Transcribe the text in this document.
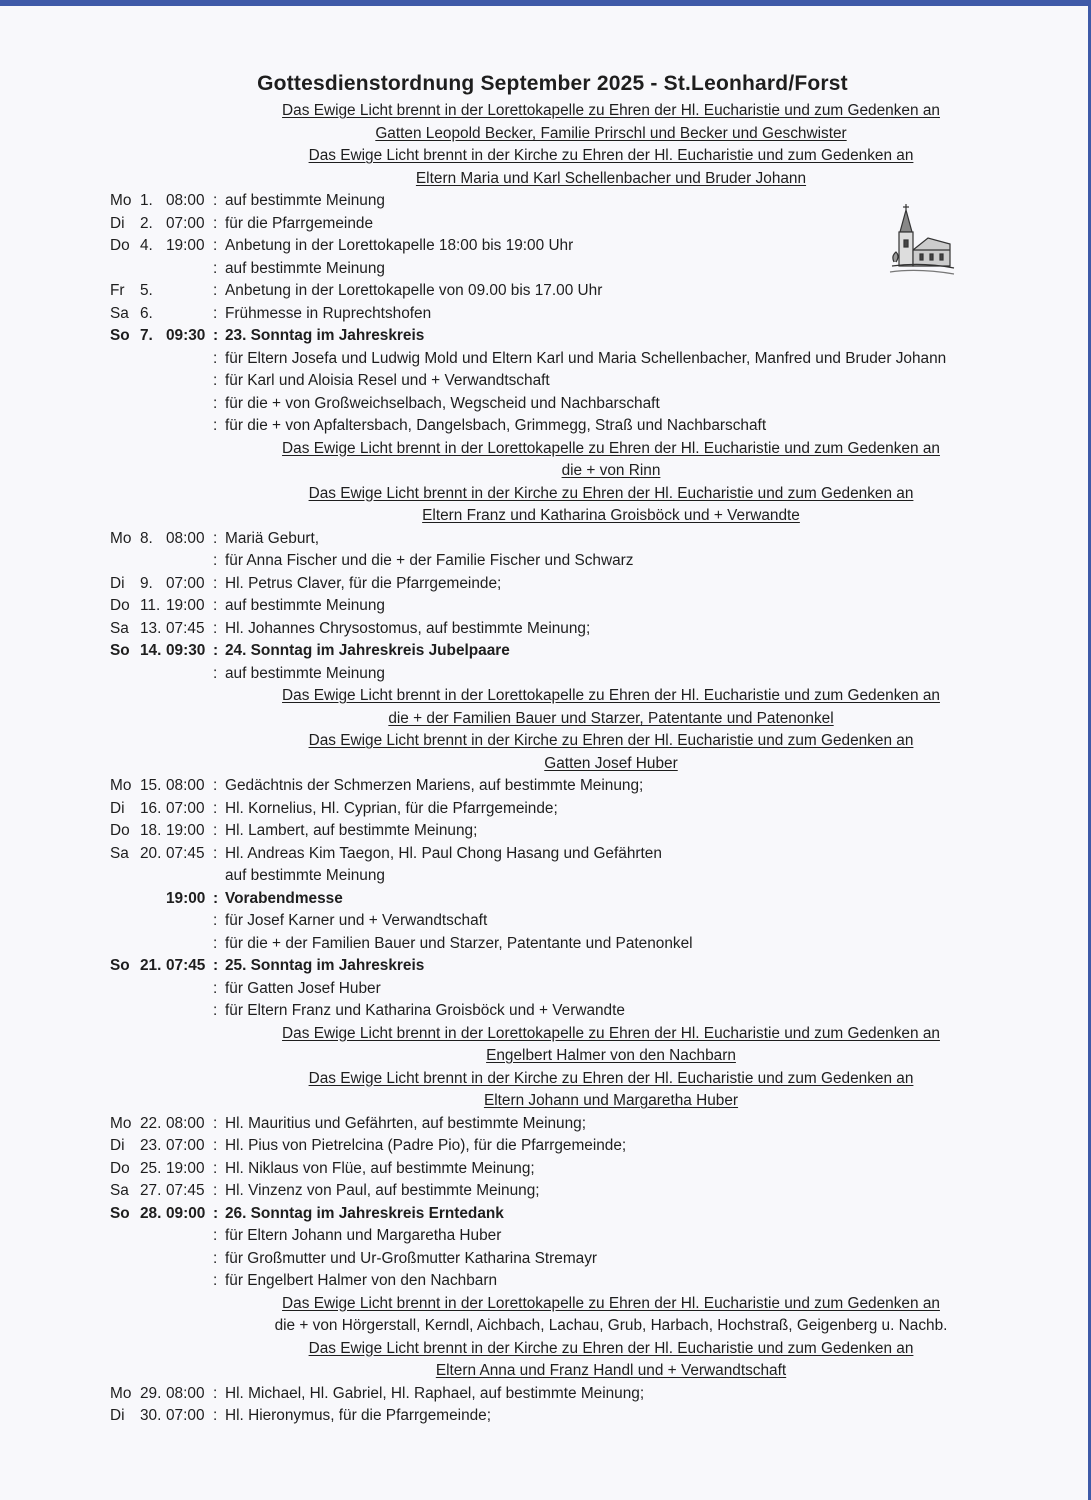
Gottesdienstordnung September 2025 - St.Leonhard/Forst
Das Ewige Licht brennt in der Lorettokapelle zu Ehren der Hl. Eucharistie und zum Gedenken an
Gatten Leopold Becker, Familie Prirschl und Becker und Geschwister
Das Ewige Licht brennt in der Kirche zu Ehren der Hl. Eucharistie und zum Gedenken an
Eltern Maria und Karl Schellenbacher und Bruder Johann
Mo 1. 08:00 : auf bestimmte Meinung
Di	2. 07:00 : für die Pfarrgemeinde
Do 4. 19:00 : Anbetung in der Lorettokapelle 18:00 bis 19:00 Uhr
: auf bestimmte Meinung
Fr	5.	: Anbetung in der Lorettokapelle von 09.00 bis 17.00 Uhr
Sa 6.	: Frühmesse in Ruprechtshofen
So 7. 09:30 : 23. Sonntag im Jahreskreis
: für Eltern Josefa und Ludwig Mold und Eltern Karl und Maria Schellenbacher, Manfred und Bruder Johann
: für Karl und Aloisia Resel und + Verwandtschaft
: für die + von Großweichselbach, Wegscheid und Nachbarschaft
: für die + von Apfaltersbach, Dangelsbach, Grimmegg, Straß und Nachbarschaft
Das Ewige Licht brennt in der Lorettokapelle zu Ehren der Hl. Eucharistie und zum Gedenken an
die + von Rinn
Das Ewige Licht brennt in der Kirche zu Ehren der Hl. Eucharistie und zum Gedenken an
Eltern Franz und Katharina Groisböck und + Verwandte
Mo 8. 08:00 : Mariä Geburt,
: für Anna Fischer und die + der Familie Fischer und Schwarz
Di	9. 07:00 : Hl. Petrus Claver, für die Pfarrgemeinde;
Do 11. 19:00 : auf bestimmte Meinung
Sa 13. 07:45 : Hl. Johannes Chrysostomus, auf bestimmte Meinung;
So 14. 09:30 : 24. Sonntag im Jahreskreis Jubelpaare
: auf bestimmte Meinung
Das Ewige Licht brennt in der Lorettokapelle zu Ehren der Hl. Eucharistie und zum Gedenken an
die + der Familien Bauer und Starzer, Patentante und Patenonkel
Das Ewige Licht brennt in der Kirche zu Ehren der Hl. Eucharistie und zum Gedenken an
Gatten Josef Huber
Mo 15. 08:00 : Gedächtnis der Schmerzen Mariens, auf bestimmte Meinung;
Di	16. 07:00 : Hl. Kornelius, Hl. Cyprian, für die Pfarrgemeinde;
Do 18. 19:00 : Hl. Lambert, auf bestimmte Meinung;
Sa 20. 07:45 : Hl. Andreas Kim Taegon, Hl. Paul Chong Hasang und Gefährten
auf bestimmte Meinung
19:00 : Vorabendmesse
: für Josef Karner und + Verwandtschaft
: für die + der Familien Bauer und Starzer, Patentante und Patenonkel
So 21. 07:45 : 25. Sonntag im Jahreskreis
: für Gatten Josef Huber
: für Eltern Franz und Katharina Groisböck und + Verwandte
Das Ewige Licht brennt in der Lorettokapelle zu Ehren der Hl. Eucharistie und zum Gedenken an
Engelbert Halmer von den Nachbarn
Das Ewige Licht brennt in der Kirche zu Ehren der Hl. Eucharistie und zum Gedenken an
Eltern Johann und Margaretha Huber
Mo 22. 08:00 : Hl. Mauritius und Gefährten, auf bestimmte Meinung;
Di	23. 07:00 : Hl. Pius von Pietrelcina (Padre Pio), für die Pfarrgemeinde;
Do 25. 19:00 : Hl. Niklaus von Flüe, auf bestimmte Meinung;
Sa 27. 07:45 : Hl. Vinzenz von Paul, auf bestimmte Meinung;
So 28. 09:00 : 26. Sonntag im Jahreskreis Erntedank
: für Eltern Johann und Margaretha Huber
: für Großmutter und Ur-Großmutter Katharina Stremayr
: für Engelbert Halmer von den Nachbarn
Das Ewige Licht brennt in der Lorettokapelle zu Ehren der Hl. Eucharistie und zum Gedenken an
die + von Hörgerstall, Kerndl, Aichbach, Lachau, Grub, Harbach, Hochstraß, Geigenberg u. Nachb.
Das Ewige Licht brennt in der Kirche zu Ehren der Hl. Eucharistie und zum Gedenken an
Eltern Anna und Franz Handl und + Verwandtschaft
Mo 29. 08:00 : Hl. Michael, Hl. Gabriel, Hl. Raphael, auf bestimmte Meinung;
Di	30. 07:00 : Hl. Hieronymus, für die Pfarrgemeinde;
